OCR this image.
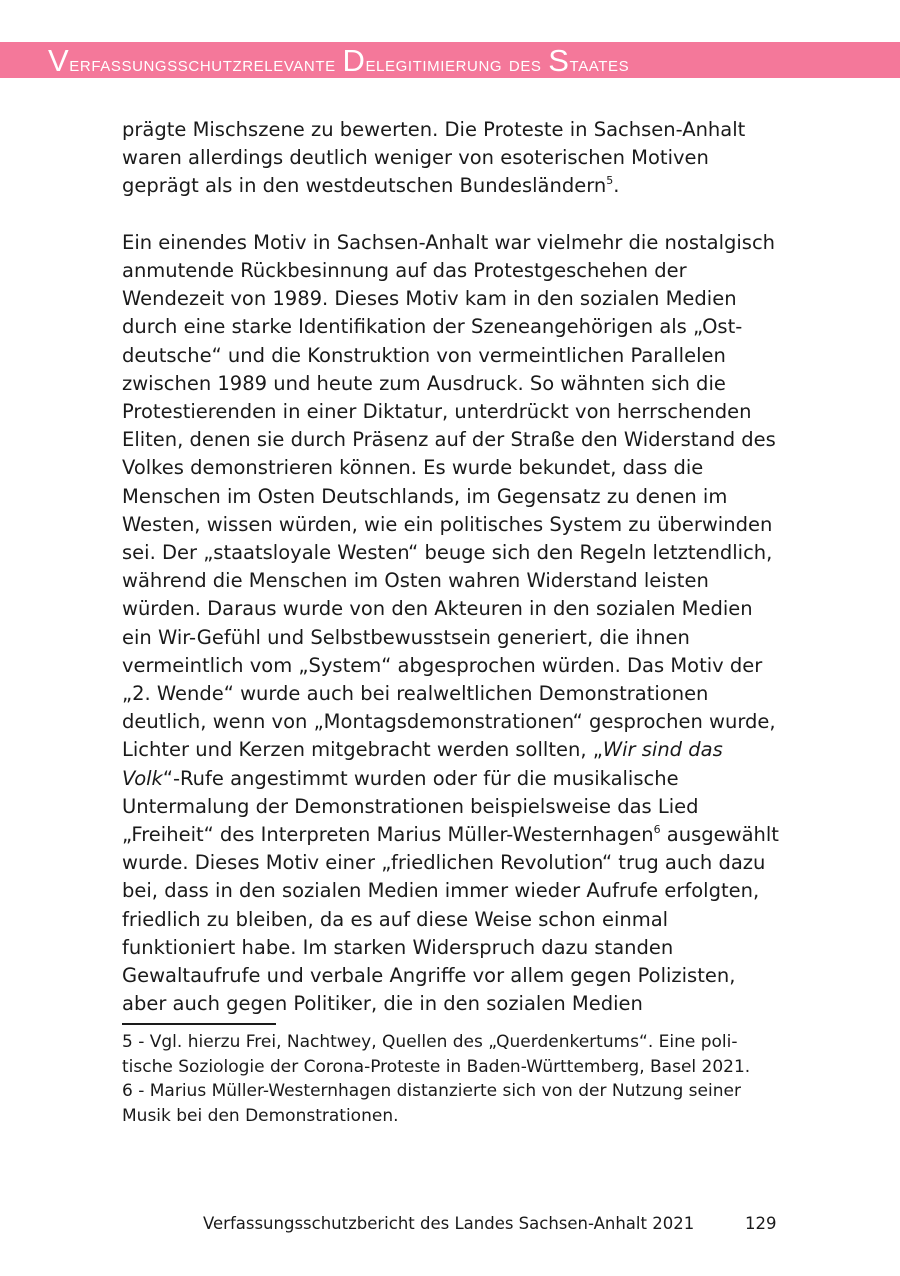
Verfassungsschutzrelevante Delegitimierung des Staates

prägte Mischszene zu bewerten. Die Proteste in Sachsen-Anhalt waren allerdings deutlich weniger von esoterischen Motiven geprägt als in den westdeutschen Bundesländern$^5$.

Ein einendes Motiv in Sachsen-Anhalt war vielmehr die nostalgisch anmutende Rückbesinnung auf das Protestgeschehen der Wendezeit von 1989. Dieses Motiv kam in den sozialen Medien durch eine starke Identifikation der Szeneangehörigen als „Ostdeutsche“ und die Konstruktion von vermeintlichen Parallelen zwischen 1989 und heute zum Ausdruck. So wähnten sich die Protestierenden in einer Diktatur, unterdrückt von herrschenden Eliten, denen sie durch Präsenz auf der Straße den Widerstand des Volkes demonstrieren können. Es wurde bekundet, dass die Menschen im Osten Deutschlands, im Gegensatz zu denen im Westen, wissen würden, wie ein politisches System zu überwinden sei. Der „staatsloyale Westen“ beuge sich den Regeln letztendlich, während die Menschen im Osten wahren Widerstand leisten würden. Daraus wurde von den Akteuren in den sozialen Medien ein Wir-Gefühl und Selbstbewusstsein generiert, die ihnen vermeintlich vom „System“ abgesprochen würden. Das Motiv der „2. Wende“ wurde auch bei realweltlichen Demonstrationen deutlich, wenn von „Montagsdemonstrationen“ gesprochen wurde, Lichter und Kerzen mitgebracht werden sollten, „Wir sind das Volk“-Rufe angestimmt wurden oder für die musikalische Untermalung der Demonstrationen beispielsweise das Lied „Freiheit“ des Interpreten Marius Müller-Westernhagen$^6$ ausgewählt wurde. Dieses Motiv einer „friedlichen Revolution“ trug auch dazu bei, dass in den sozialen Medien immer wieder Aufrufe erfolgten, friedlich zu bleiben, da es auf diese Weise schon einmal funktioniert habe. Im starken Widerspruch dazu standen Gewaltaufrufe und verbale Angriffe vor allem gegen Polizisten, aber auch gegen Politiker, die in den sozialen Medien

5 - Vgl. hierzu Frei, Nachtwey, Quellen des „Querdenkertums“. Eine politische Soziologie der Corona-Proteste in Baden-Württemberg, Basel 2021.

6 - Marius Müller-Westernhagen distanzierte sich von der Nutzung seiner Musik bei den Demonstrationen.

Verfassungsschutzbericht des Landes Sachsen-Anhalt 2021	129
